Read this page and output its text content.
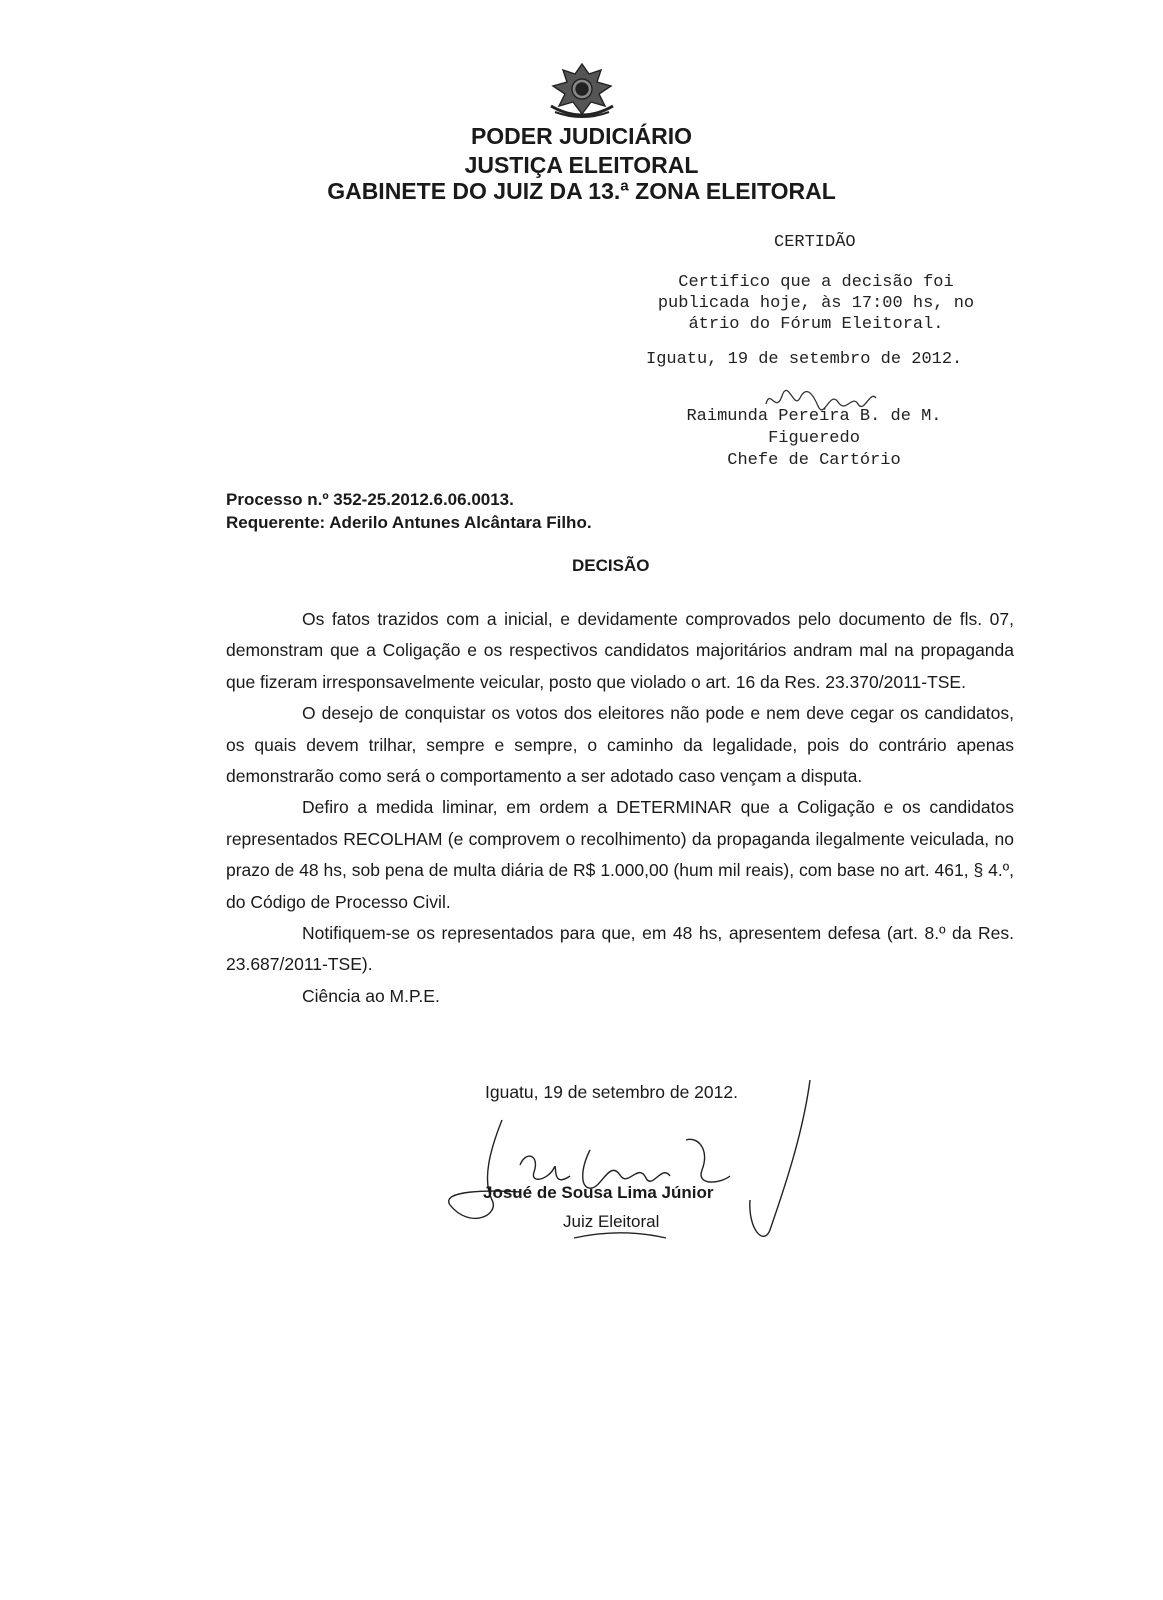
PODER JUDICIÁRIO
JUSTIÇA ELEITORAL
GABINETE DO JUIZ DA 13.ª ZONA ELEITORAL
CERTIDÃO
Certifico que a decisão foi
publicada hoje, às 17:00 hs, no
átrio do Fórum Eleitoral.
Iguatu, 19 de setembro de 2012.
Raimunda Pereira B. de M.
Figueredo
Chefe de Cartório
Processo n.º 352-25.2012.6.06.0013.
Requerente: Aderilo Antunes Alcântara Filho.
DECISÃO

Os fatos trazidos com a inicial, e devidamente comprovados pelo documento de fls. 07, demonstram que a Coligação e os respectivos candidatos majoritários andram mal na propaganda que fizeram irresponsavelmente veicular, posto que violado o art. 16 da Res. 23.370/2011-TSE.

O desejo de conquistar os votos dos eleitores não pode e nem deve cegar os candidatos, os quais devem trilhar, sempre e sempre, o caminho da legalidade, pois do contrário apenas demonstrarão como será o comportamento a ser adotado caso vençam a disputa.

Defiro a medida liminar, em ordem a DETERMINAR que a Coligação e os candidatos representados RECOLHAM (e comprovem o recolhimento) da propaganda ilegalmente veiculada, no prazo de 48 hs, sob pena de multa diária de R$ 1.000,00 (hum mil reais), com base no art. 461, § 4.º, do Código de Processo Civil.

Notifiquem-se os representados para que, em 48 hs, apresentem defesa (art. 8.º da Res. 23.687/2011-TSE).

Ciência ao M.P.E.

Iguatu, 19 de setembro de 2012.
Josué de Sousa Lima Júnior
Juiz Eleitoral
